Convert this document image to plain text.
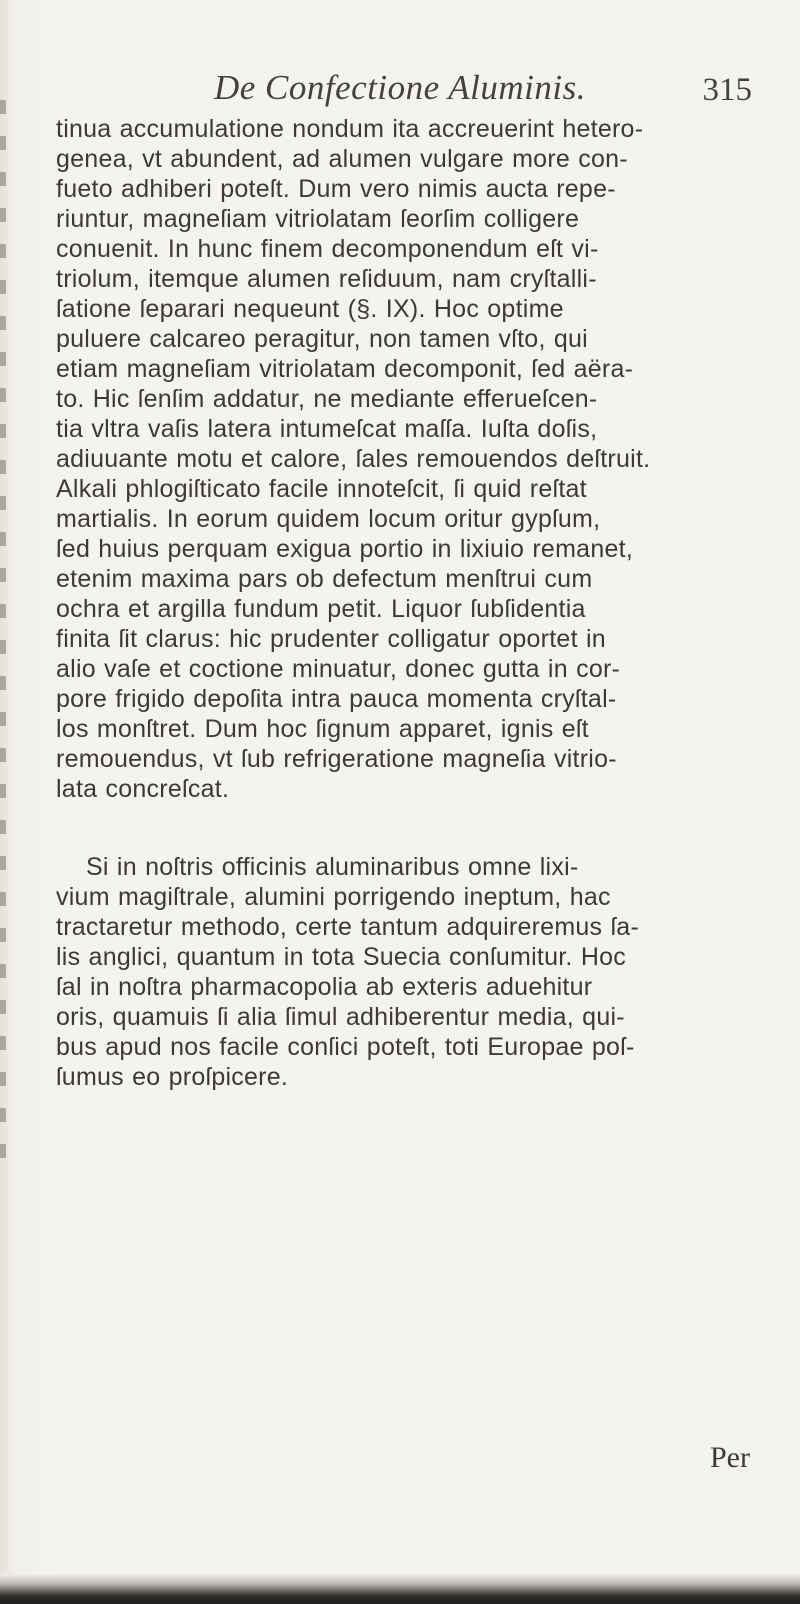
De Confectione Aluminis.	315
tinua accumulatione nondum ita accreuerint hetero-
genea, vt abundent, ad alumen vulgare more con-
fueto adhiberi poteſt. Dum vero nimis aucta repe-
riuntur, magneſiam vitriolatam ſeorſim colligere
conuenit. In hunc finem decomponendum eſt vi-
triolum, itemque alumen reſiduum, nam cryſtalli-
ſatione ſeparari nequeunt (§. IX). Hoc optime
puluere calcareo peragitur, non tamen vſto, qui
etiam magneſiam vitriolatam decomponit, ſed aëra-
to. Hic ſenſim addatur, ne mediante efferueſcen-
tia vltra vaſis latera intumeſcat maſſa. Iuſta doſis,
adiuuante motu et calore, ſales remouendos deſtruit.
Alkali phlogiſticato facile innoteſcit, ſi quid reſtat
martialis. In eorum quidem locum oritur gypſum,
ſed huius perquam exigua portio in lixiuio remanet,
etenim maxima pars ob defectum menſtrui cum
ochra et argilla fundum petit. Liquor ſubſidentia
finita ſit clarus: hic prudenter colligatur oportet in
alio vaſe et coctione minuatur, donec gutta in cor-
pore frigido depoſita intra pauca momenta cryſtal-
los monſtret. Dum hoc ſignum apparet, ignis eſt
remouendus, vt ſub refrigeratione magneſia vitrio-
lata concreſcat.
Si in noſtris officinis aluminaribus omne lixi-
vium magiſtrale, alumini porrigendo ineptum, hac
tractaretur methodo, certe tantum adquireremus ſa-
lis anglici, quantum in tota Suecia conſumitur. Hoc
ſal in noſtra pharmacopolia ab exteris aduehitur
oris, quamuis ſi alia ſimul adhiberentur media, qui-
bus apud nos facile conſici poteſt, toti Europae poſ-
ſumus eo proſpicere.
Per
